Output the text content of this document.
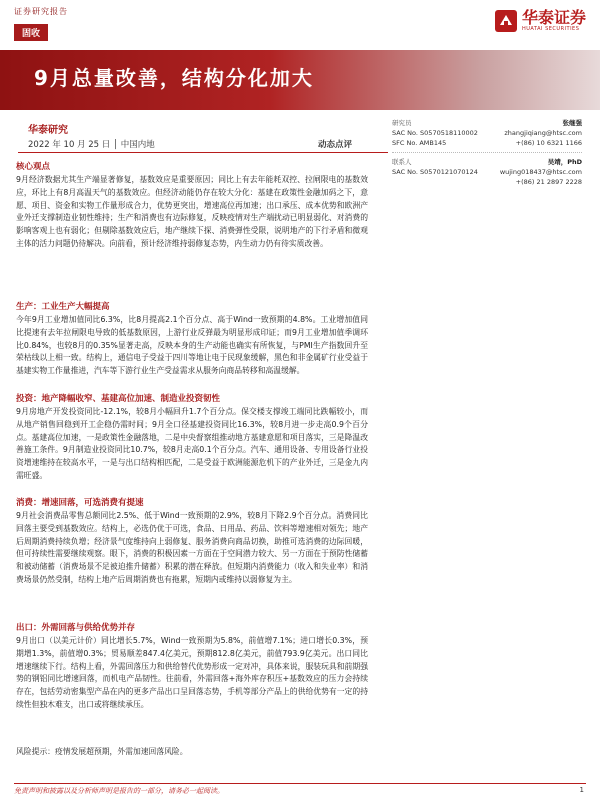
证券研究报告	华泰证券
HUATAI SECURITIES
固收
9月总量改善，结构分化加大
华泰研究
2022 年 10 月 25 日 │ 中国内地	动态点评
研究员	张继强
SAC No. S0570518110002	zhangjiqiang@htsc.com
SFC No. AMB145	+(86) 10 6321 1166
联系人	吴靖，PhD
SAC No. S0570121070124	wujing018437@htsc.com
+(86) 21 2897 2228

核心观点

9月经济数据尤其生产端显著修复，基数效应是重要原因；同比上有去年能耗双控、拉闸限电的基数效应，环比上有8月高温天气的基数效应。但经济动能仍存在较大分化：基建在政策性金融加码之下，意愿、项目、资金和实物工作量形成合力，优势更突出，增速高位再加速；出口承压、成本优势和欧洲产业外迁支撑制造业韧性维持；生产和消费也有边际修复，反映疫情对生产端扰动已明显弱化、对消费的影响客观上也有弱化；但剔除基数效应后，地产继续下探、消费弹性受限，说明地产的下行矛盾和微观主体的活力问题仍待解决。向前看，预计经济维持弱修复态势，内生动力仍有待实质改善。

生产：工业生产大幅提高

今年9月工业增加值同比6.3%，比8月提高2.1个百分点、高于Wind一致预期的4.8%。工业增加值同比提速有去年拉闸限电导致的低基数原因，上游行业反弹最为明显形成印证；而9月工业增加值季调环比0.84%，也较8月的0.35%显著走高，反映本身的生产动能也确实有所恢复，与PMI生产指数回升至荣枯线以上相一致。结构上，通信电子受益于四川等地让电于民现象缓解，黑色和非金属矿行业受益于基建实物工作量推进，汽车等下游行业生产受益需求从服务向商品转移和高温缓解。

投资：地产降幅收窄、基建高位加速、制造业投资韧性

9月房地产开发投资同比-12.1%，较8月小幅回升1.7个百分点。保交楼支撑竣工端同比跌幅较小，而从地产销售回稳到开工企稳仍需时间；9月全口径基建投资同比16.3%，较8月进一步走高0.9个百分点。基建高位加速，一是政策性金融落地，二是中央督察组推动地方基建意愿和项目落实，三是降温改善施工条件。9月制造业投资同比10.7%，较8月走高0.1个百分点。汽车、通用设备、专用设备行业投资增速维持在较高水平，一是与出口结构相匹配，二是受益于欧洲能源危机下的产业外迁，三是金九内需旺盛。

消费：增速回落，可选消费有提速

9月社会消费品零售总额同比2.5%、低于Wind一致预期的2.9%，较8月下降2.9个百分点。消费同比回落主要受到基数效应。结构上，必选仍优于可选，食品、日用品、药品、饮料等增速相对领先；地产后周期消费持续负增；经济景气度维持向上弱修复、服务消费向商品切换，助推可选消费的边际回暖，但可持续性需要继续观察。眼下，消费的积极因素一方面在于空间潜力较大、另一方面在于预防性储蓄和被动储蓄（消费场景不足被迫推升储蓄）积累的潜在释放。但短期内消费能力（收入和失业率）和消费场景仍然受制，结构上地产后周期消费也有拖累，短期内或维持以弱修复为主。

出口：外需回落与供给优势并存

9月出口（以美元计价）同比增长5.7%，Wind一致预期为5.8%，前值增7.1%；进口增长0.3%，预期增1.3%，前值增0.3%；贸易顺差847.4亿美元，预期812.8亿美元，前值793.9亿美元。出口同比增速继续下行。结构上看，外需回落压力和供给替代优势形成一定对冲，具体来说，服装玩具和前期强势的钢铝同比增速回落，而机电产品韧性。往前看，外需回落+海外库存积压+基数效应的压力会持续存在，包括劳动密集型产品在内的更多产品出口呈回落态势，手机等部分产品上的供给优势有一定的持续性但独木难支，出口或将继续承压。

风险提示：疫情发展超预期，外需加速回落风险。

免责声明和披露以及分析师声明是报告的一部分，请务必一起阅读。	1
